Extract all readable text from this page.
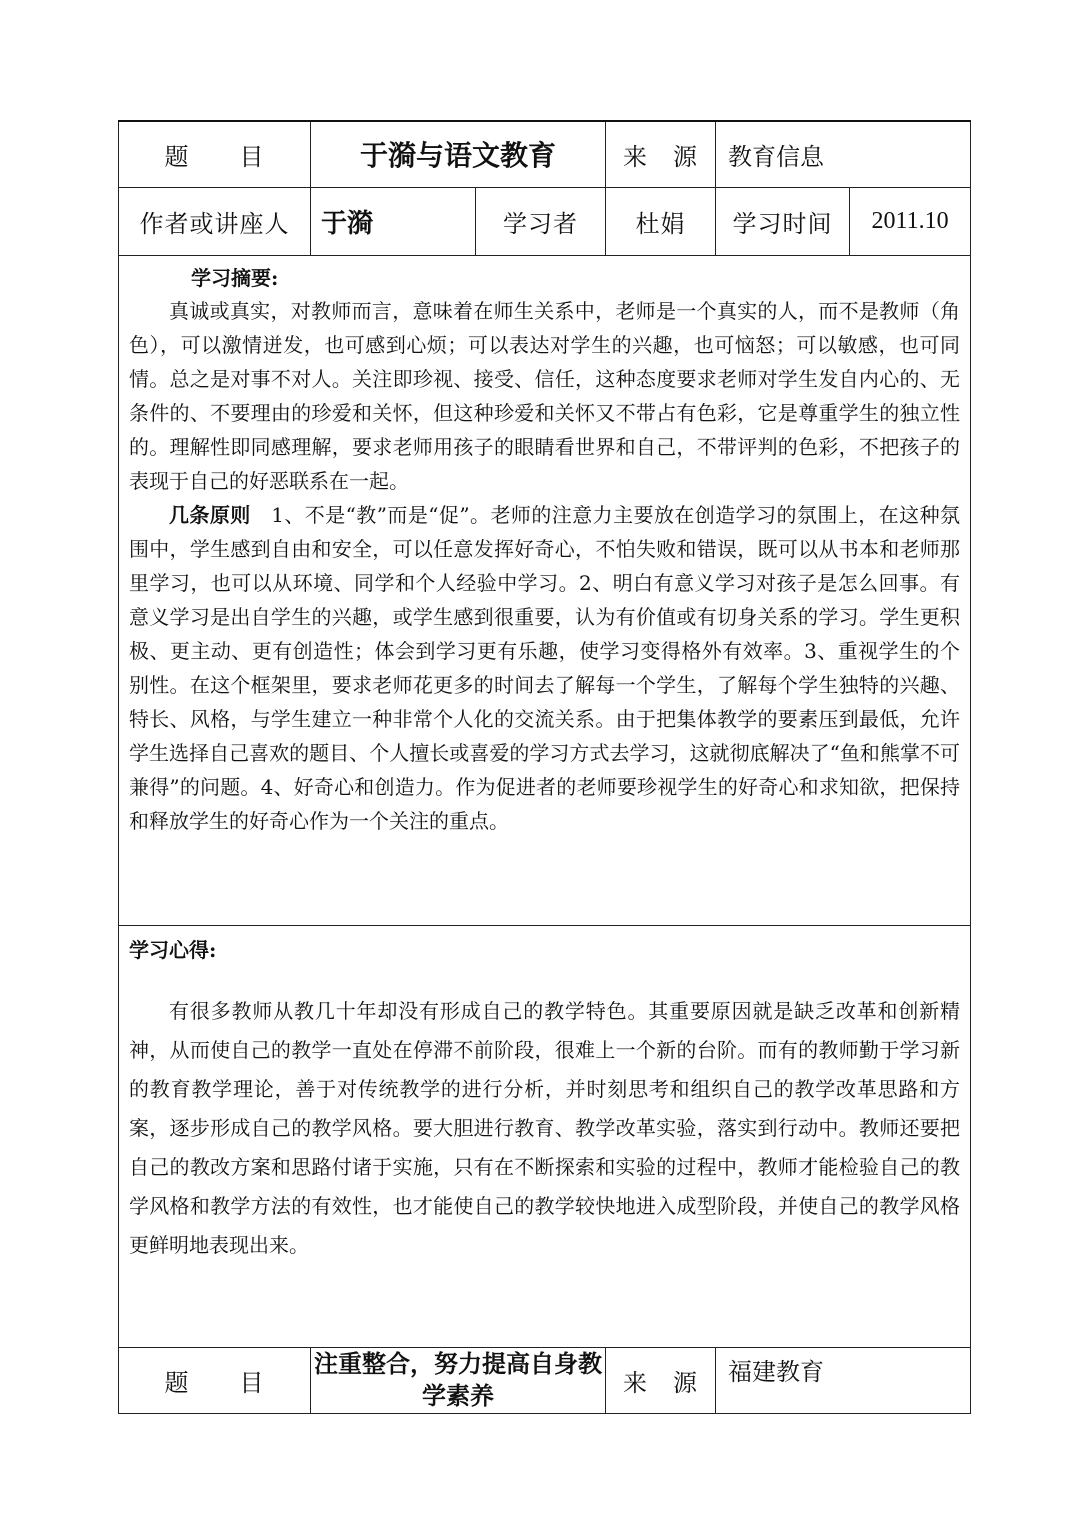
题　　目	于漪与语文教育		来　源	教育信息	
作者或讲座人	于漪	学习者	杜娟	学习时间	2011.10

学习摘要:

真诚或真实，对教师而言，意味着在师生关系中，老师是一个真实的人，而不是教师（角色），可以激情迸发，也可感到心烦；可以表达对学生的兴趣，也可恼怒；可以敏感，也可同情。总之是对事不对人。关注即珍视、接受、信任，这种态度要求老师对学生发自内心的、无条件的、不要理由的珍爱和关怀，但这种珍爱和关怀又不带占有色彩，它是尊重学生的独立性的。理解性即同感理解，要求老师用孩子的眼睛看世界和自己，不带评判的色彩，不把孩子的表现于自己的好恶联系在一起。

几条原则　 1、不是“教”而是“促”。老师的注意力主要放在创造学习的氛围上，在这种氛围中，学生感到自由和安全，可以任意发挥好奇心，不怕失败和错误，既可以从书本和老师那里学习，也可以从环境、同学和个人经验中学习。2、明白有意义学习对孩子是怎么回事。有意义学习是出自学生的兴趣，或学生感到很重要，认为有价值或有切身关系的学习。学生更积极、更主动、更有创造性；体会到学习更有乐趣，使学习变得格外有效率。3、重视学生的个别性。在这个框架里，要求老师花更多的时间去了解每一个学生，了解每个学生独特的兴趣、特长、风格，与学生建立一种非常个人化的交流关系。由于把集体教学的要素压到最低，允许学生选择自己喜欢的题目、个人擅长或喜爱的学习方式去学习，这就彻底解决了“鱼和熊掌不可兼得”的问题。4、好奇心和创造力。作为促进者的老师要珍视学生的好奇心和求知欲，把保持和释放学生的好奇心作为一个关注的重点。					

学习心得:

有很多教师从教几十年却没有形成自己的教学特色。其重要原因就是缺乏改革和创新精神，从而使自己的教学一直处在停滞不前阶段，很难上一个新的台阶。而有的教师勤于学习新的教育教学理论，善于对传统教学的进行分析，并时刻思考和组织自己的教学改革思路和方案，逐步形成自己的教学风格。要大胆进行教育、教学改革实验，落实到行动中。教师还要把自己的教改方案和思路付诸于实施，只有在不断探索和实验的过程中，教师才能检验自己的教学风格和教学方法的有效性，也才能使自己的教学较快地进入成型阶段，并使自己的教学风格更鲜明地表现出来。					

题　　目	注重整合，努力提高自身教学素养		来　源	福建教育	
